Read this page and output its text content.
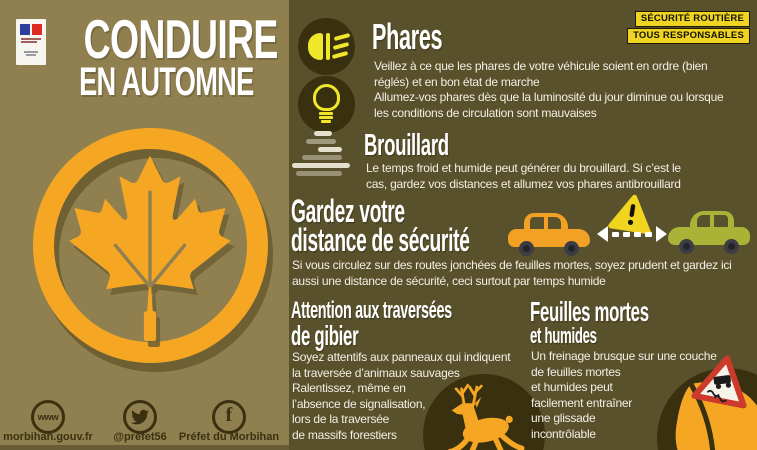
CONDUIRE
EN AUTOMNE
www	f
morbihan.gouv.fr	@prefet56	Préfet du Morbihan
SÉCURITÉ ROUTIÈRE
TOUS RESPONSABLES
Phares
Veillez à ce que les phares de votre véhicule soient en ordre (bien
réglés) et en bon état de marche
Allumez-vos phares dès que la luminosité du jour diminue ou lorsque
les conditions de circulation sont mauvaises
Brouillard
Le temps froid et humide peut générer du brouillard. Si c’est le
cas, gardez vos distances et allumez vos phares antibrouillard
Gardez votre
distance de sécurité
Si vous circulez sur des routes jonchées de feuilles mortes, soyez prudent et gardez ici
aussi une distance de sécurité, ceci surtout par temps humide
Attention aux traversées
de gibier
Soyez attentifs aux panneaux qui indiquent
la traversée d’animaux sauvages
Ralentissez, même en
l’absence de signalisation,
lors de la traversée
de massifs forestiers
Feuilles mortes
et humides
Un freinage brusque sur une couche
de feuilles mortes
et humides peut
facilement entraîner
une glissade
incontrôlable
